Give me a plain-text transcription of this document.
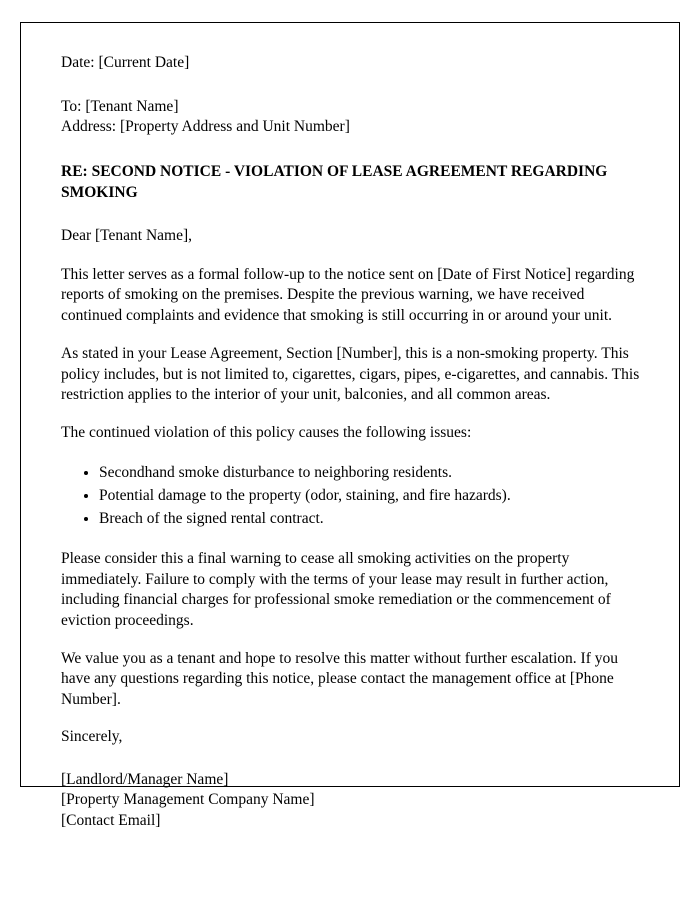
Date: [Current Date]
To: [Tenant Name]
Address: [Property Address and Unit Number]
RE: SECOND NOTICE - VIOLATION OF LEASE AGREEMENT REGARDING SMOKING
Dear [Tenant Name],

This letter serves as a formal follow-up to the notice sent on [Date of First Notice] regarding reports of smoking on the premises. Despite the previous warning, we have received continued complaints and evidence that smoking is still occurring in or around your unit.

As stated in your Lease Agreement, Section [Number], this is a non-smoking property. This policy includes, but is not limited to, cigarettes, cigars, pipes, e-cigarettes, and cannabis. This restriction applies to the interior of your unit, balconies, and all common areas.

The continued violation of this policy causes the following issues:

• Secondhand smoke disturbance to neighboring residents.
• Potential damage to the property (odor, staining, and fire hazards).
• Breach of the signed rental contract.

Please consider this a final warning to cease all smoking activities on the property immediately. Failure to comply with the terms of your lease may result in further action, including financial charges for professional smoke remediation or the commencement of eviction proceedings.

We value you as a tenant and hope to resolve this matter without further escalation. If you have any questions regarding this notice, please contact the management office at [Phone Number].

Sincerely,
[Landlord/Manager Name]
[Property Management Company Name]
[Contact Email]
